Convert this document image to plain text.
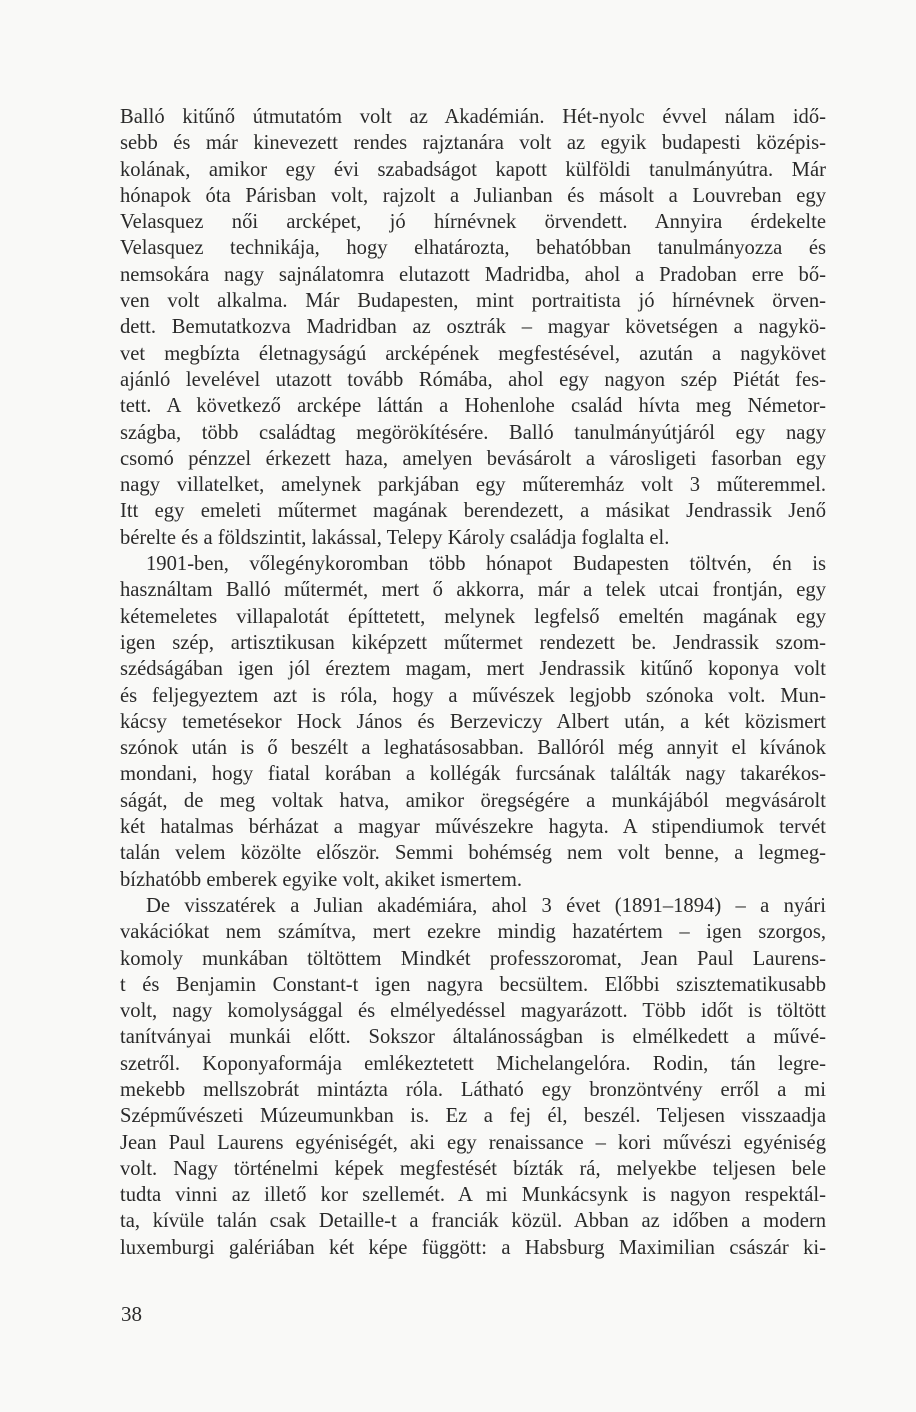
Balló kitűnő útmutatóm volt az Akadémián. Hét-nyolc évvel nálam idő-
sebb és már kinevezett rendes rajztanára volt az egyik budapesti középis-
kolának, amikor egy évi szabadságot kapott külföldi tanulmányútra. Már
hónapok óta Párisban volt, rajzolt a Julianban és másolt a Louvreban egy
Velasquez női arcképet, jó hírnévnek örvendett. Annyira érdekelte
Velasquez technikája, hogy elhatározta, behatóbban tanulmányozza és
nemsokára nagy sajnálatomra elutazott Madridba, ahol a Pradoban erre bő-
ven volt alkalma. Már Budapesten, mint portraitista jó hírnévnek örven-
dett. Bemutatkozva Madridban az osztrák – magyar követségen a nagykö-
vet megbízta életnagyságú arcképének megfestésével, azután a nagykövet
ajánló levelével utazott tovább Rómába, ahol egy nagyon szép Piétát fes-
tett. A következő arcképe láttán a Hohenlohe család hívta meg Németor-
szágba, több családtag megörökítésére. Balló tanulmányútjáról egy nagy
csomó pénzzel érkezett haza, amelyen bevásárolt a városligeti fasorban egy
nagy villatelket, amelynek parkjában egy műteremház volt 3 műteremmel.
Itt egy emeleti műtermet magának berendezett, a másikat Jendrassik Jenő
bérelte és a földszintit, lakással, Telepy Károly családja foglalta el.
1901-ben, vőlegénykoromban több hónapot Budapesten töltvén, én is
használtam Balló műtermét, mert ő akkorra, már a telek utcai frontján, egy
kétemeletes villapalotát építtetett, melynek legfelső emeltén magának egy
igen szép, artisztikusan kiképzett műtermet rendezett be. Jendrassik szom-
szédságában igen jól éreztem magam, mert Jendrassik kitűnő koponya volt
és feljegyeztem azt is róla, hogy a művészek legjobb szónoka volt. Mun-
kácsy temetésekor Hock János és Berzeviczy Albert után, a két közismert
szónok után is ő beszélt a leghatásosabban. Ballóról még annyit el kívánok
mondani, hogy fiatal korában a kollégák furcsának találták nagy takarékos-
ságát, de meg voltak hatva, amikor öregségére a munkájából megvásárolt
két hatalmas bérházat a magyar művészekre hagyta. A stipendiumok tervét
talán velem közölte először. Semmi bohémség nem volt benne, a legmeg-
bízhatóbb emberek egyike volt, akiket ismertem.
De visszatérek a Julian akadémiára, ahol 3 évet (1891–1894) – a nyári
vakációkat nem számítva, mert ezekre mindig hazatértem – igen szorgos,
komoly munkában töltöttem Mindkét professzoromat, Jean Paul Laurens-
t és Benjamin Constant-t igen nagyra becsültem. Előbbi szisztematikusabb
volt, nagy komolysággal és elmélyedéssel magyarázott. Több időt is töltött
tanítványai munkái előtt. Sokszor általánosságban is elmélkedett a művé-
szetről. Koponyaformája emlékeztetett Michelangelóra. Rodin, tán legre-
mekebb mellszobrát mintázta róla. Látható egy bronzöntvény erről a mi
Szépművészeti Múzeumunkban is. Ez a fej él, beszél. Teljesen visszaadja
Jean Paul Laurens egyéniségét, aki egy renaissance – kori művészi egyéniség
volt. Nagy történelmi képek megfestését bízták rá, melyekbe teljesen bele
tudta vinni az illető kor szellemét. A mi Munkácsynk is nagyon respektál-
ta, kívüle talán csak Detaille-t a franciák közül. Abban az időben a modern
luxemburgi galériában két képe függött: a Habsburg Maximilian császár ki-
38
